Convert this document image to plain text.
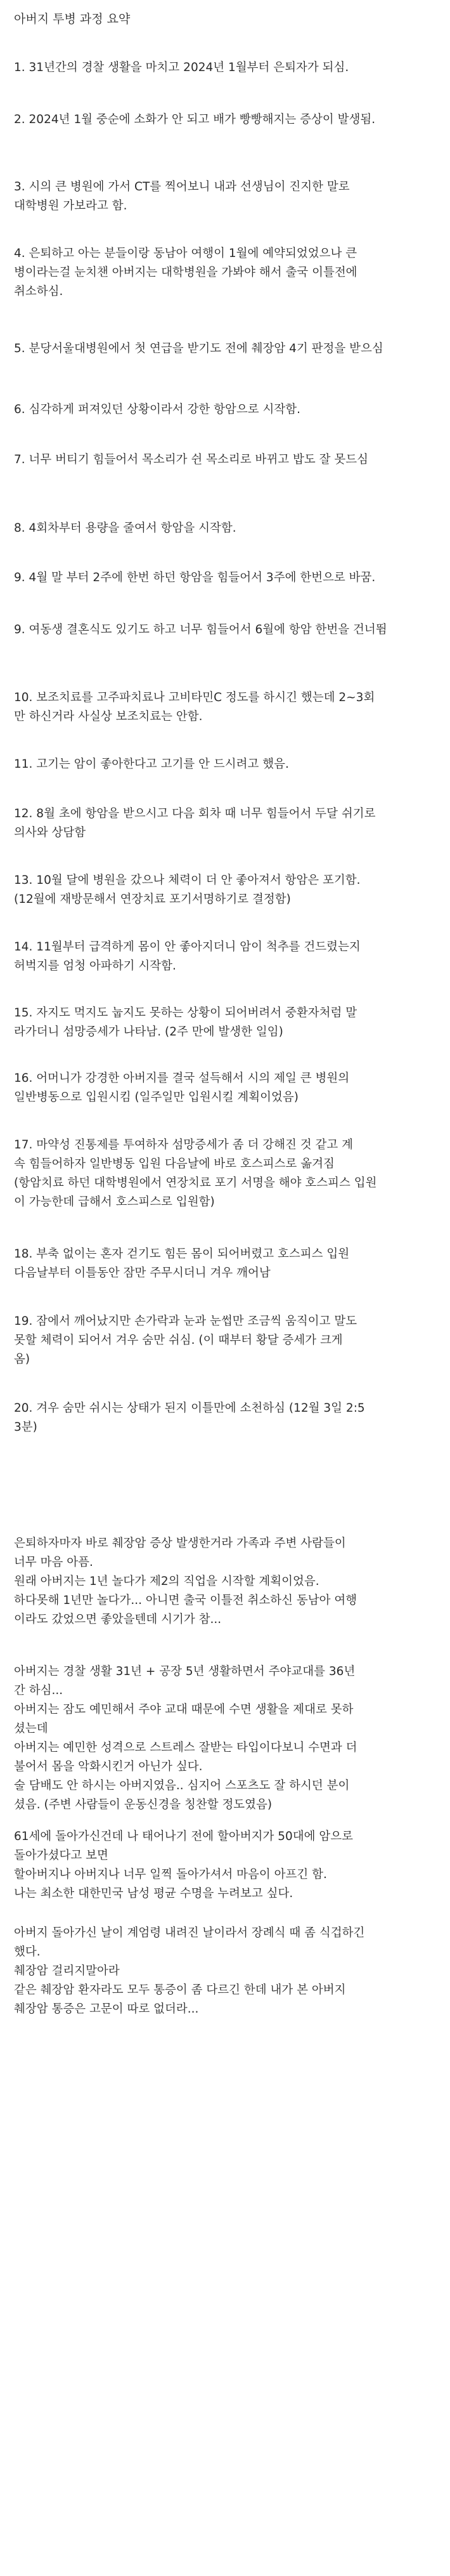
아버지 투병 과정 요약

1. 31년간의 경찰 생활을 마치고 2024년 1월부터 은퇴자가 되심.

2. 2024년 1월 중순에 소화가 안 되고 배가 빵빵해지는 증상이 발생됨.

3. 시의 큰 병원에 가서 CT를 찍어보니 내과 선생님이 진지한 말로
대학병원 가보라고 함.

4. 은퇴하고 아는 분들이랑 동남아 여행이 1월에 예약되었었으나 큰
병이라는걸 눈치챈 아버지는 대학병원을 가봐야 해서 출국 이틀전에
취소하심.

5. 분당서울대병원에서 첫 연급을 받기도 전에 췌장암 4기 판정을 받으심

6. 심각하게 퍼져있던 상황이라서 강한 항암으로 시작함.

7. 너무 버티기 힘들어서 목소리가 쉰 목소리로 바뀌고 밥도 잘 못드심

8. 4회차부터 용량을 줄여서 항암을 시작함.

9. 4월 말 부터 2주에 한번 하던 항암을 힘들어서 3주에 한번으로 바꿈.

9. 여동생 결혼식도 있기도 하고 너무 힘들어서 6월에 항암 한번을 건너뜀

10. 보조치료를 고주파치료나 고비타민C 정도를 하시긴 했는데 2~3회
만 하신거라 사실상 보조치료는 안함.

11. 고기는 암이 좋아한다고 고기를 안 드시려고 했음.

12. 8월 초에 항암을 받으시고 다음 회차 때 너무 힘들어서 두달 쉬기로
의사와 상담함

13. 10월 달에 병원을 갔으나 체력이 더 안 좋아져서 항암은 포기함.
(12월에 재방문해서 연장치료 포기서명하기로 결정함)

14. 11월부터 급격하게 몸이 안 좋아지더니 암이 척추를 건드렸는지
허벅지를 엄청 아파하기 시작함.

15. 자지도 먹지도 눕지도 못하는 상황이 되어버려서 중환자처럼 말
라가더니 섬망증세가 나타남. (2주 만에 발생한 일임)

16. 어머니가 강경한 아버지를 결국 설득해서 시의 제일 큰 병원의
일반병동으로 입원시킴 (일주일만 입원시킬 계획이었음)

17. 마약성 진통제를 투여하자 섬망증세가 좀 더 강해진 것 같고 계
속 힘들어하자 일반병동 입원 다음날에 바로 호스피스로 옮겨짐
(항암치료 하던 대학병원에서 연장치료 포기 서명을 해야 호스피스 입원
이 가능한데 급해서 호스피스로 입원함)

18. 부축 없이는 혼자 걷기도 힘든 몸이 되어버렸고 호스피스 입원
다음날부터 이틀동안 잠만 주무시더니 겨우 깨어남

19. 잠에서 깨어났지만 손가락과 눈과 눈썹만 조금씩 움직이고 말도
못할 체력이 되어서 겨우 숨만 쉬심. (이 때부터 황달 증세가 크게
옴)

20. 겨우 숨만 쉬시는 상태가 된지 이틀만에 소천하심 (12월 3일 2:5
3분)

은퇴하자마자 바로 췌장암 증상 발생한거라 가족과 주변 사람들이
너무 마음 아픔.
원래 아버지는 1년 놀다가 제2의 직업을 시작할 계획이었음.
하다못해 1년만 놀다가... 아니면 출국 이틀전 취소하신 동남아 여행
이라도 갔었으면 좋았을텐데 시기가 참...

아버지는 경찰 생활 31년 + 공장 5년 생활하면서 주야교대를 36년
간 하심...
아버지는 잠도 예민해서 주야 교대 때문에 수면 생활을 제대로 못하
셨는데
아버지는 예민한 성격으로 스트레스 잘받는 타입이다보니 수면과 더
불어서 몸을 악화시킨거 아닌가 싶다.
술 담배도 안 하시는 아버지였음.. 심지어 스포츠도 잘 하시던 분이
셨음. (주변 사람들이 운동신경을 칭찬할 정도였음)

61세에 돌아가신건데 나 태어나기 전에 할아버지가 50대에 암으로
돌아가셨다고 보면
할아버지나 아버지나 너무 일찍 돌아가셔서 마음이 아프긴 함.
나는 최소한 대한민국 남성 평균 수명을 누려보고 싶다.

아버지 돌아가신 날이 계엄령 내려진 날이라서 장례식 때 좀 식겁하긴
했다.
췌장암 걸리지말아라
같은 췌장암 환자라도 모두 통증이 좀 다르긴 한데 내가 본 아버지
췌장암 통증은 고문이 따로 없더라...
